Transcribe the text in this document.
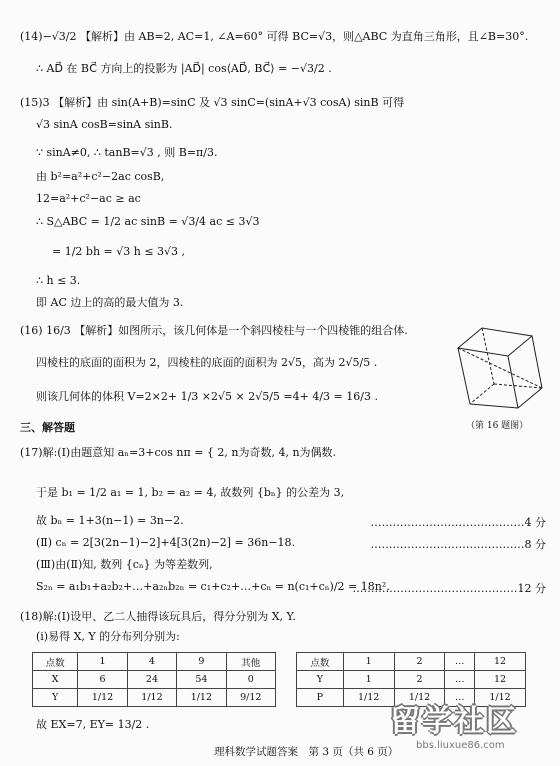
(14)−√3/2 【解析】由 AB=2, AC=1, ∠A=60° 可得 BC=√3，则△ABC 为直角三角形，且∠B=30°.
∴ AD⃗ 在 BC⃗ 方向上的投影为 |AD⃗| cos⟨AD⃗, BC⃗⟩ = −√3/2 .
(15)3 【解析】由 sin(A+B)=sinC 及 √3 sinC=(sinA+√3 cosA) sinB 可得
√3 sinA cosB=sinA sinB.
∵ sinA≠0, ∴ tanB=√3 , 则 B=π/3.
由 b²=a²+c²−2ac cosB,
12=a²+c²−ac ≥ ac
∴ S△ABC = 1/2 ac sinB = √3/4 ac ≤ 3√3
= 1/2 bh = √3 h ≤ 3√3 ,
∴ h ≤ 3.
即 AC 边上的高的最大值为 3.
(16) 16/3 【解析】如图所示，该几何体是一个斜四棱柱与一个四棱锥的组合体.
四棱柱的底面的面积为 2，四棱柱的底面的面积为 2√5，高为 2√5/5 .
则该几何体的体积 V=2×2+ 1/3 ×2√5 × 2√5/5 =4+ 4/3 = 16/3 .
（第 16 题图）
三、解答题
(17)解:(Ⅰ)由题意知 aₙ=3+cos nπ = { 2, n为奇数, 4, n为偶数.
于是 b₁ = 1/2 a₁ = 1, b₂ = a₂ = 4, 故数列 {bₙ} 的公差为 3,
故 bₙ = 1+3(n−1) = 3n−2.	……………………………………4 分
(Ⅱ) cₙ = 2[3(2n−1)−2]+4[3(2n)−2] = 36n−18.	……………………………………8 分
(Ⅲ)由(Ⅱ)知, 数列 {cₙ} 为等差数列,
S₂ₙ = a₁b₁+a₂b₂+…+a₂ₙb₂ₙ = c₁+c₂+…+cₙ = n(c₁+cₙ)/2 = 18n².
………………………………………12 分
(18)解:(Ⅰ)设甲、乙二人抽得该玩具后，得分分别为 X, Y.
(ⅰ)易得 X, Y 的分布列分别为:
点数	1	4	9	其他
X	6	24	54	0
Y	1/12	1/12	1/12	9/12
点数	1	2	…	12
Y	1	2	…	12
P	1/12	1/12	…	1/12
故 EX=7, EY= 13/2 .
理科数学试题答案　第 3 页（共 6 页）
留学社区
bbs.liuxue86.com
